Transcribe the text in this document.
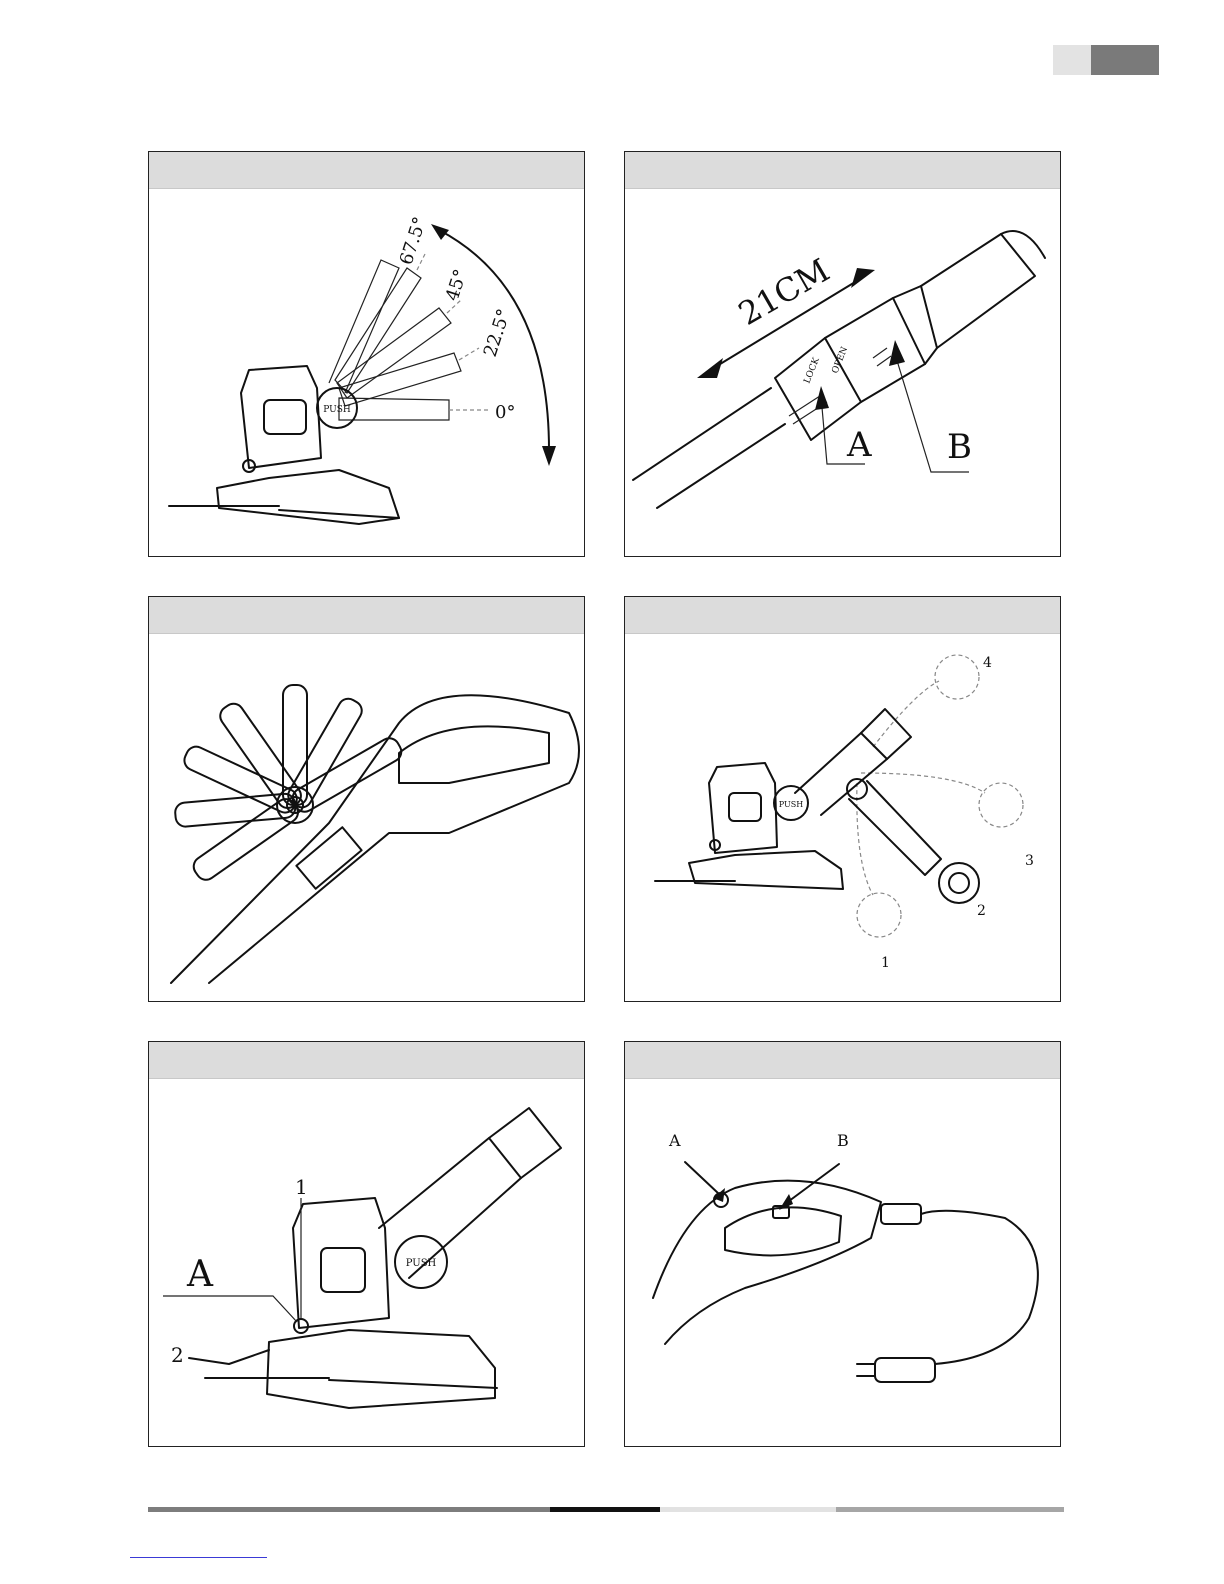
PUSH
67.5°
45°
22.5°
0°
LOCK OPEN
21CM
A B
PUSH
4
3
2
1
PUSH
1
A
2
A	B
